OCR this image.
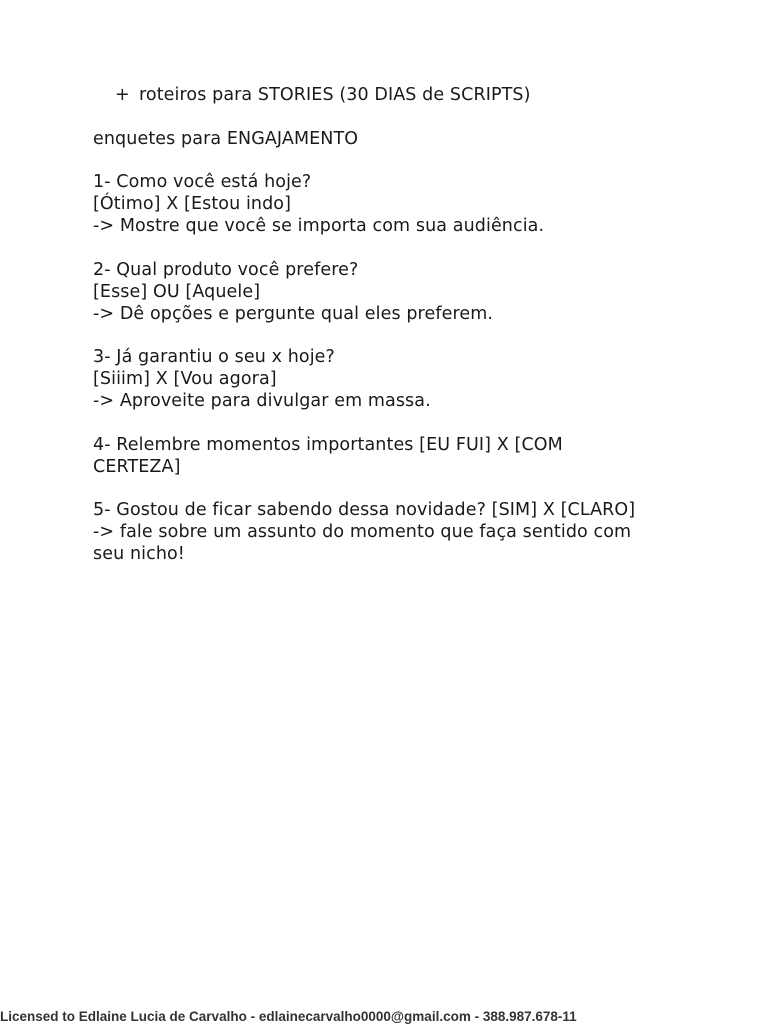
+ roteiros para STORIES (30 DIAS de SCRIPTS)
enquetes para ENGAJAMENTO
1- Como você está hoje?
[Ótimo] X [Estou indo]
-> Mostre que você se importa com sua audiência.
2- Qual produto você prefere?
[Esse] OU [Aquele]
-> Dê opções e pergunte qual eles preferem.
3- Já garantiu o seu x hoje?
[Siiim] X [Vou agora]
-> Aproveite para divulgar em massa.
4- Relembre momentos importantes [EU FUI] X [COM CERTEZA]
5- Gostou de ficar sabendo dessa novidade? [SIM] X [CLARO]
-> fale sobre um assunto do momento que faça sentido com seu nicho!
Licensed to Edlaine Lucia de Carvalho - edlainecarvalho0000@gmail.com - 388.987.678-11
